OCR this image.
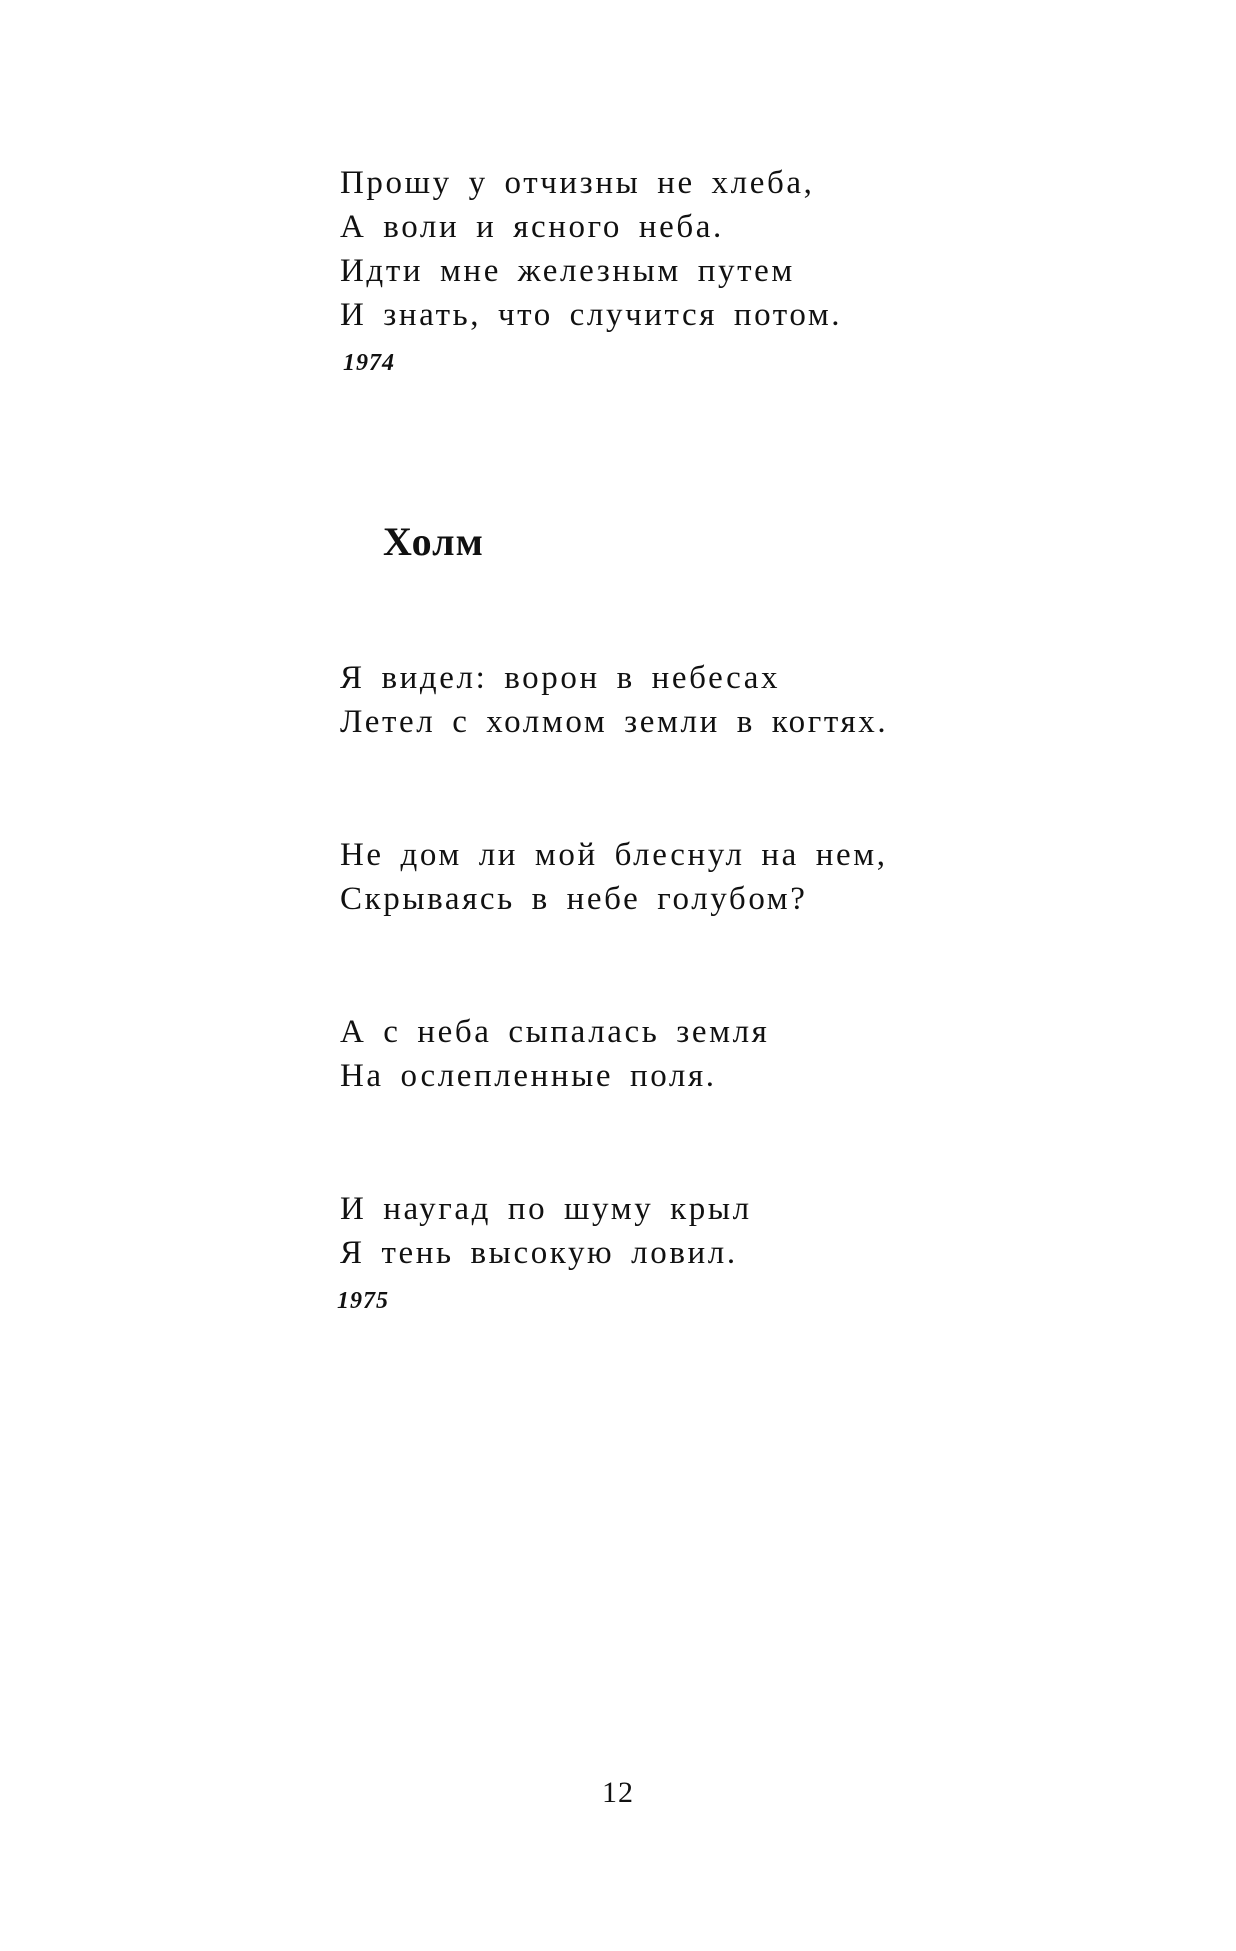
Прошу у отчизны не хлеба,
А воли и ясного неба.
Идти мне железным путем
И знать, что случится потом.
1974
Холм
Я видел: ворон в небесах
Летел с холмом земли в когтях.
Не дом ли мой блеснул на нем,
Скрываясь в небе голубом?
А с неба сыпалась земля
На ослепленные поля.
И наугад по шуму крыл
Я тень высокую ловил.
1975
12
